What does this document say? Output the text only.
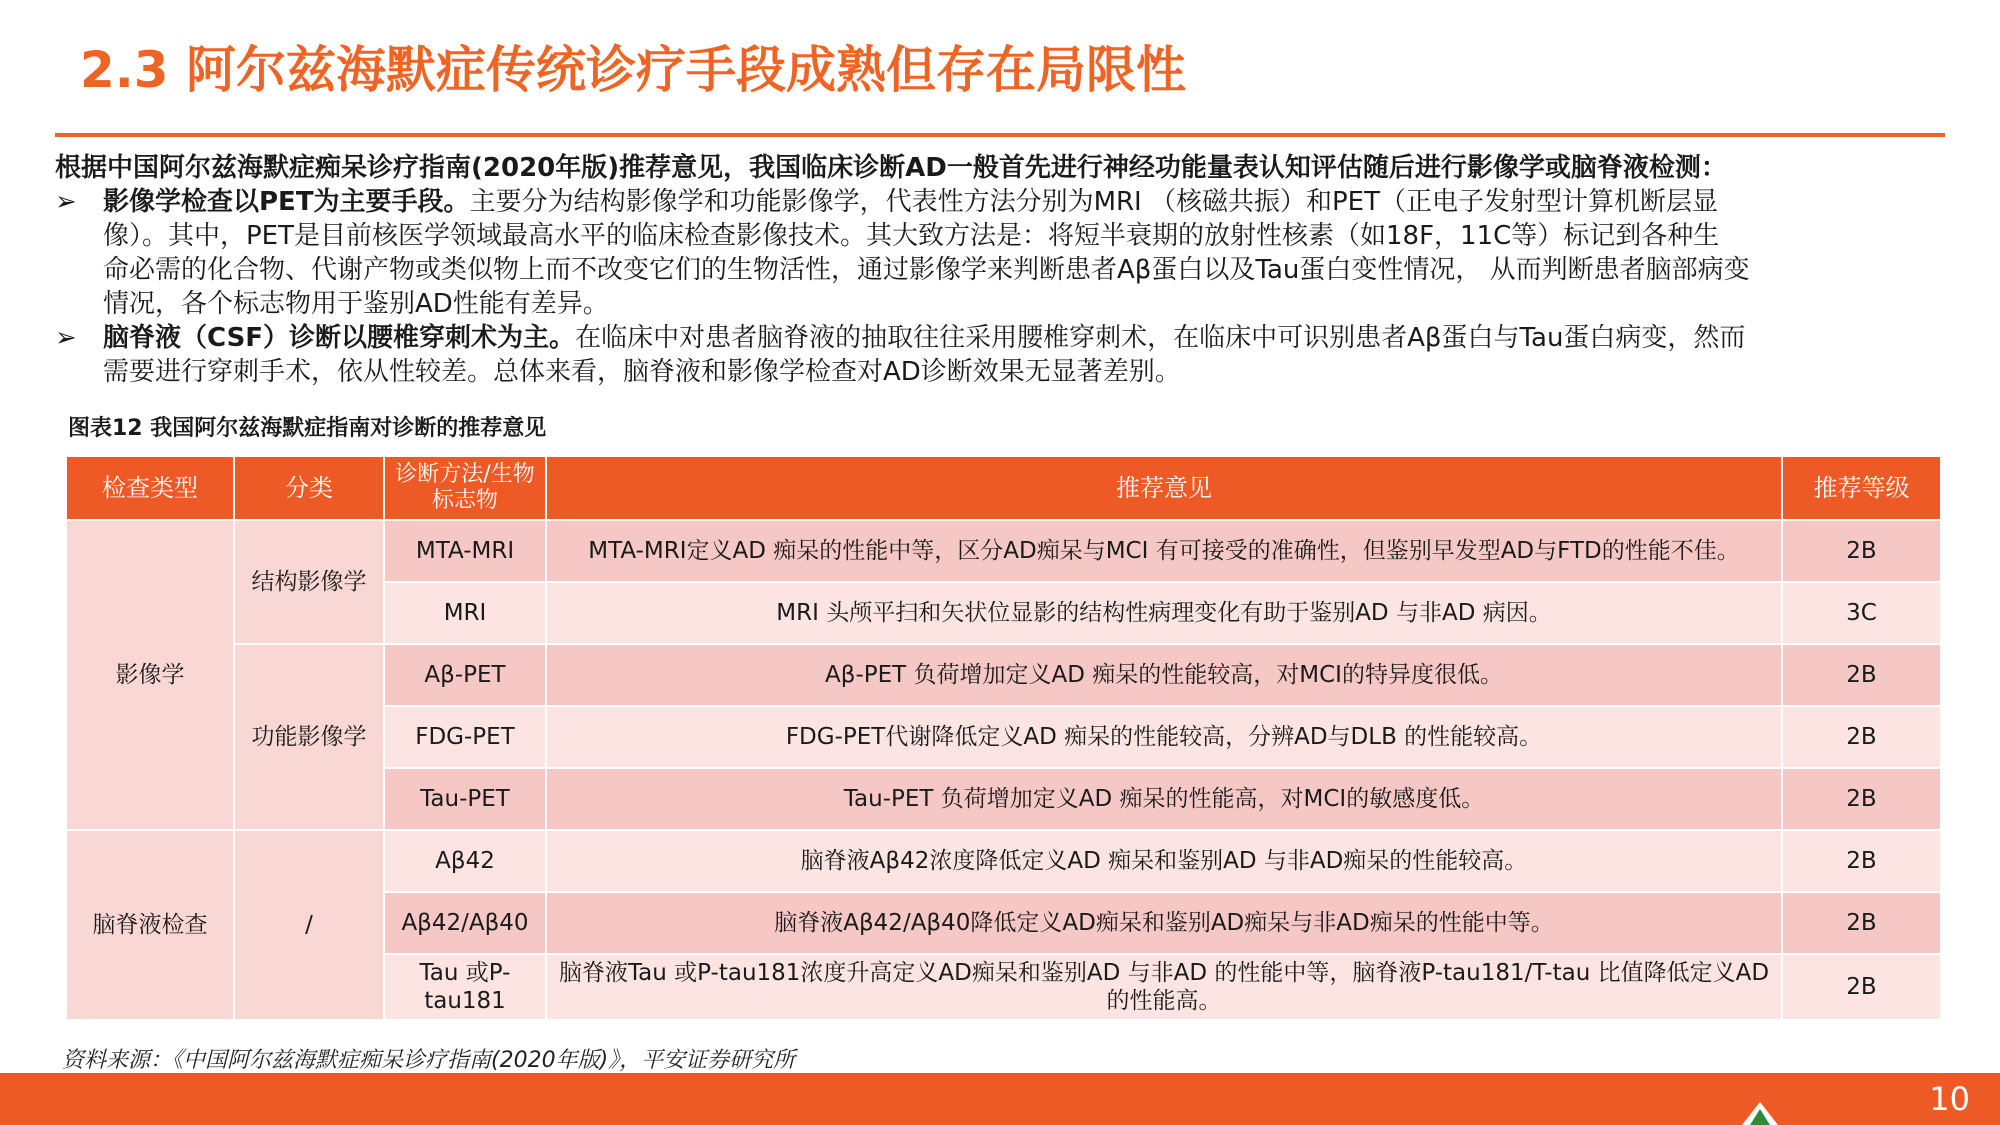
2.3 阿尔兹海默症传统诊疗手段成熟但存在局限性
根据中国阿尔兹海默症痴呆诊疗指南(2020年版)推荐意见，我国临床诊断AD一般首先进行神经功能量表认知评估随后进行影像学或脑脊液检测：
➢	影像学检查以PET为主要手段。主要分为结构影像学和功能影像学，代表性方法分别为MRI （核磁共振）和PET（正电子发射型计算机断层显
像）。其中，PET是目前核医学领域最高水平的临床检查影像技术。其大致方法是：将短半衰期的放射性核素（如18F，11C等）标记到各种生
命必需的化合物、代谢产物或类似物上而不改变它们的生物活性，通过影像学来判断患者Aβ蛋白以及Tau蛋白变性情况， 从而判断患者脑部病变
情况，各个标志物用于鉴别AD性能有差异。
➢	脑脊液（CSF）诊断以腰椎穿刺术为主。在临床中对患者脑脊液的抽取往往采用腰椎穿刺术，在临床中可识别患者Aβ蛋白与Tau蛋白病变，然而
需要进行穿刺手术，依从性较差。总体来看，脑脊液和影像学检查对AD诊断效果无显著差别。
图表12 我国阿尔兹海默症指南对诊断的推荐意见
检查类型	分类	诊断方法/生物标志物	推荐意见	推荐等级
影像学	结构影像学	MTA-MRI	MTA-MRI定义AD 痴呆的性能中等，区分AD痴呆与MCI 有可接受的准确性，但鉴别早发型AD与FTD的性能不佳。	2B
		MRI	MRI 头颅平扫和矢状位显影的结构性病理变化有助于鉴别AD 与非AD 病因。	3C
	功能影像学	Aβ-PET	Aβ-PET 负荷增加定义AD 痴呆的性能较高，对MCI的特异度很低。	2B
		FDG-PET	FDG-PET代谢降低定义AD 痴呆的性能较高，分辨AD与DLB 的性能较高。	2B
		Tau-PET	Tau-PET 负荷增加定义AD 痴呆的性能高，对MCI的敏感度低。	2B
脑脊液检查	/	Aβ42	脑脊液Aβ42浓度降低定义AD 痴呆和鉴别AD 与非AD痴呆的性能较高。	2B
		Aβ42/Aβ40	脑脊液Aβ42/Aβ40降低定义AD痴呆和鉴别AD痴呆与非AD痴呆的性能中等。	2B
		Tau 或P-tau181	脑脊液Tau 或P-tau181浓度升高定义AD痴呆和鉴别AD 与非AD 的性能中等，脑脊液P-tau181/T-tau 比值降低定义AD的性能高。	2B
资料来源：《中国阿尔兹海默症痴呆诊疗指南(2020年版)》，平安证券研究所
10
